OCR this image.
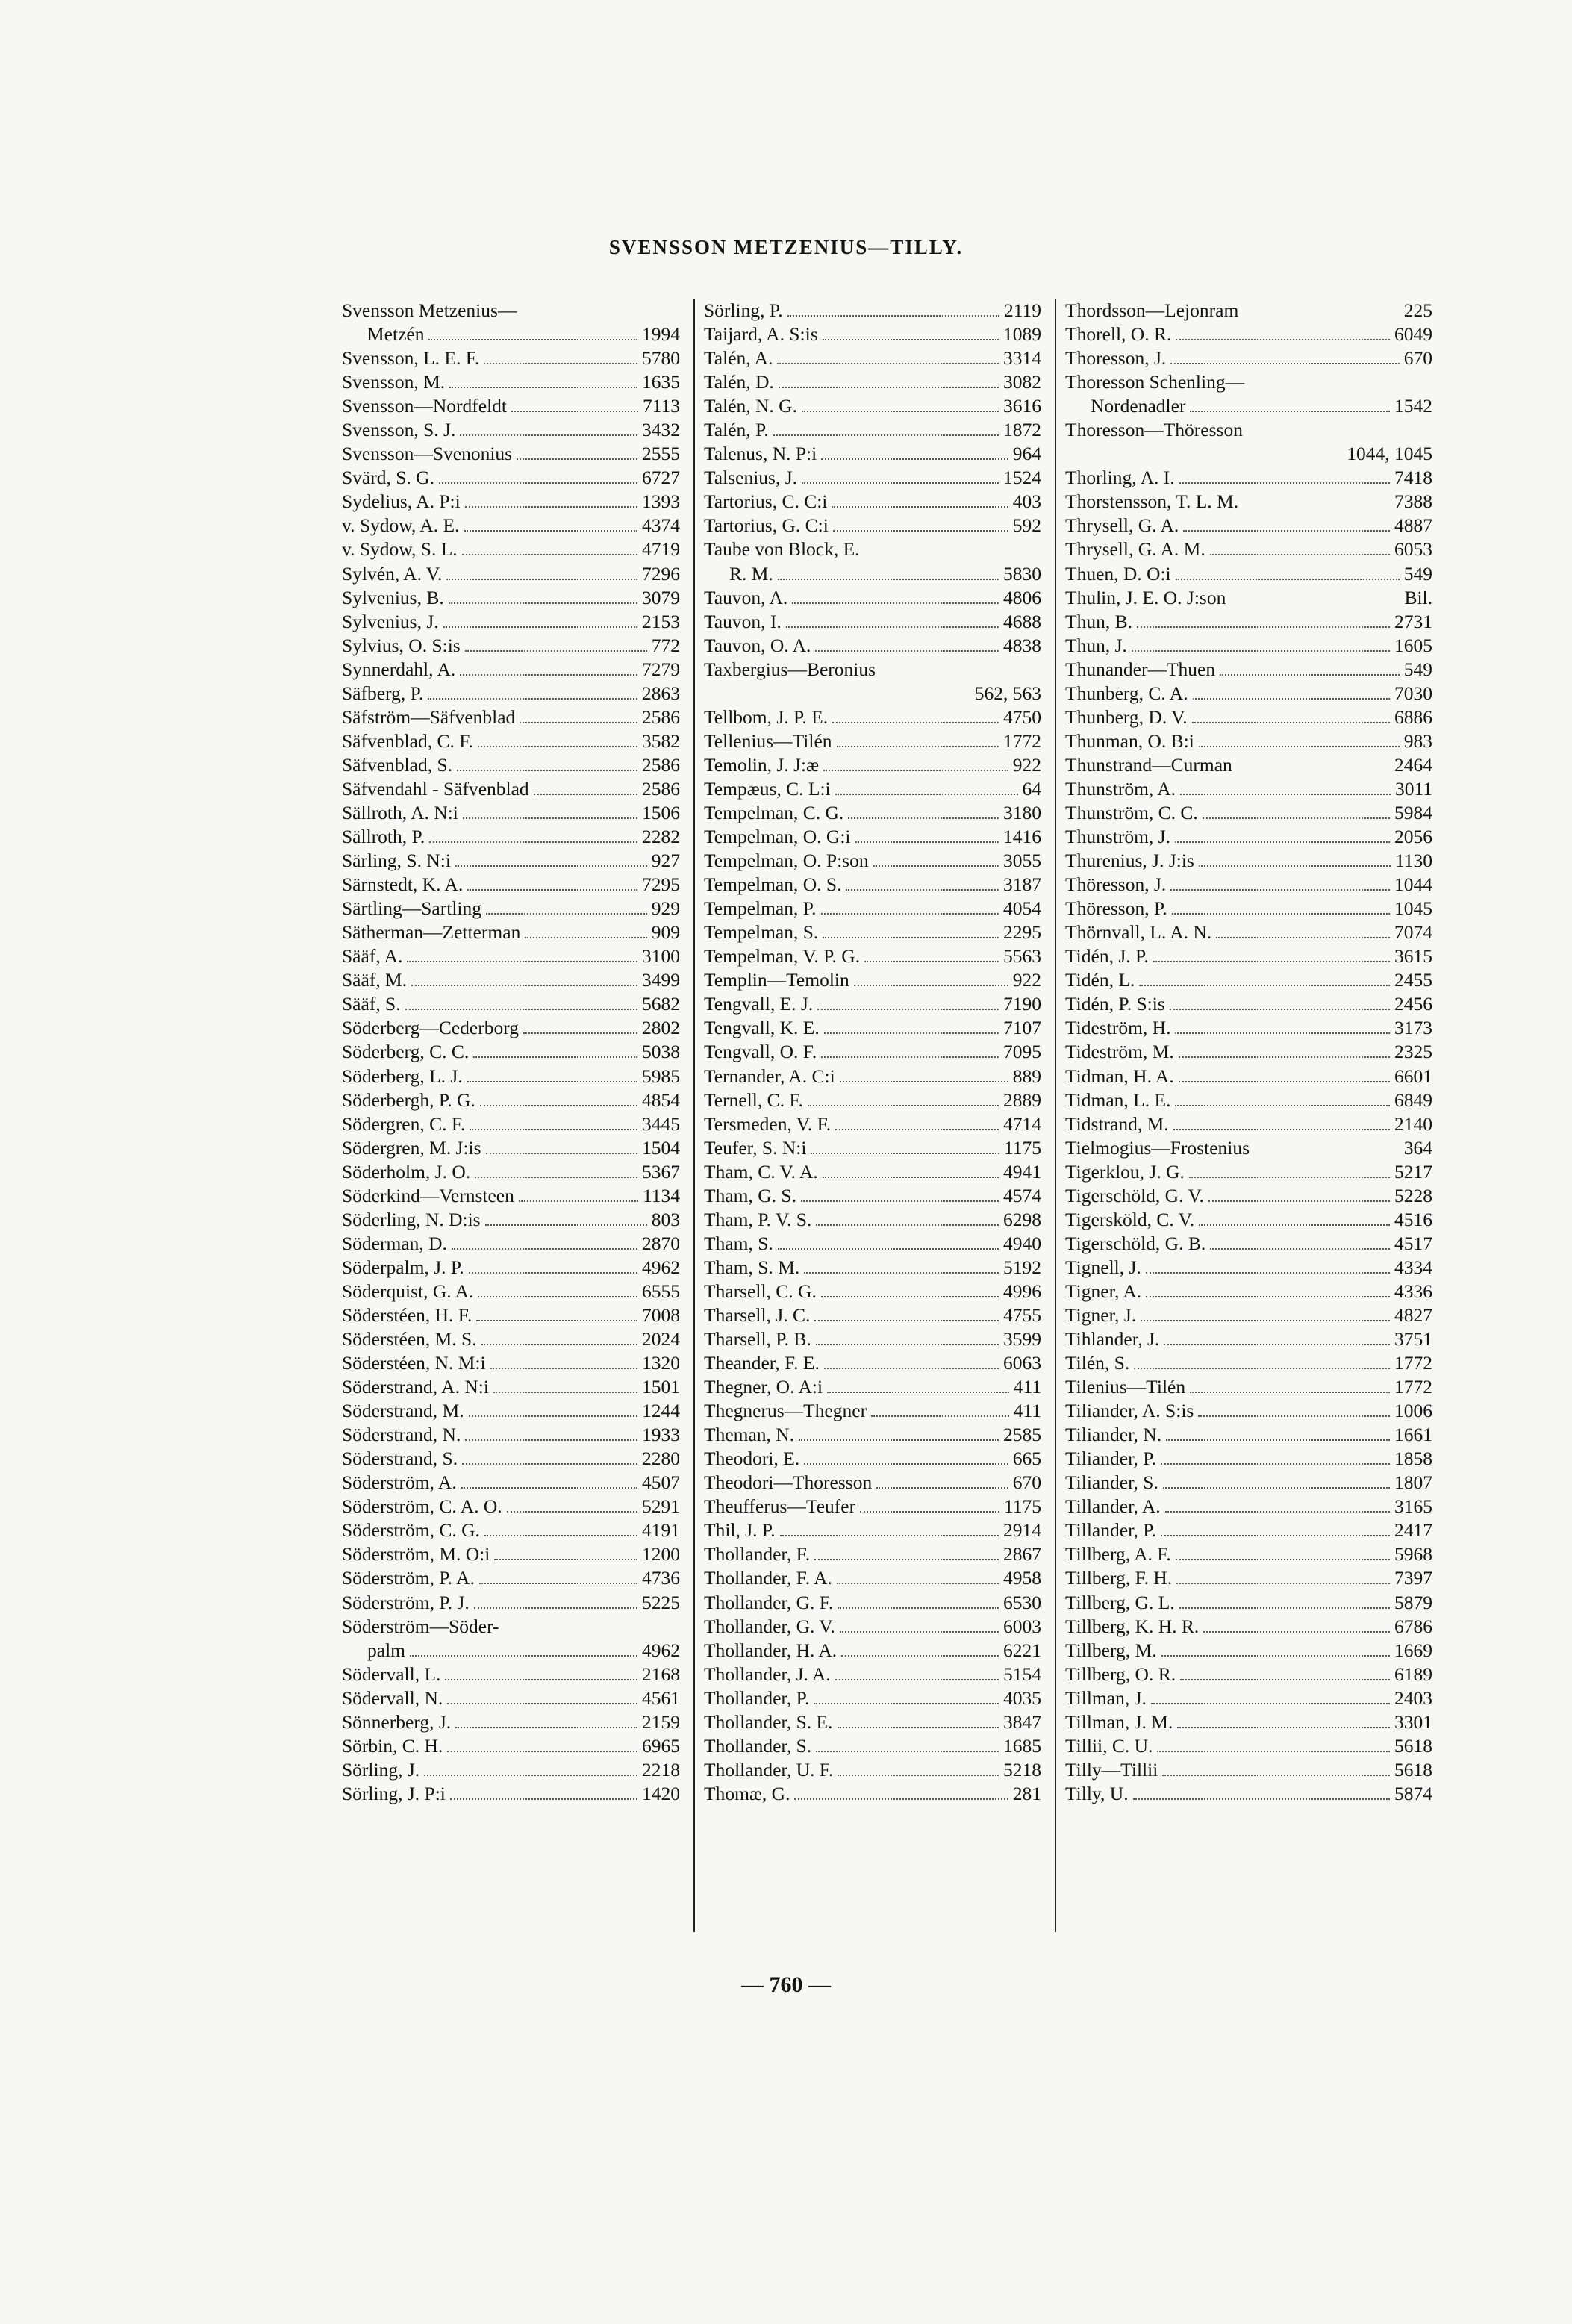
SVENSSON METZENIUS—TILLY.
Svensson Metzenius—
Metzén	1994
Svensson, L. E. F.	5780
Svensson, M.	1635
Svensson—Nordfeldt	7113
Svensson, S. J.	3432
Svensson—Svenonius	2555
Svärd, S. G.	6727
Sydelius, A. P:i	1393
v. Sydow, A. E.	4374
v. Sydow, S. L.	4719
Sylvén, A. V.	7296
Sylvenius, B.	3079
Sylvenius, J.	2153
Sylvius, O. S:is	772
Synnerdahl, A.	7279
Säfberg, P.	2863
Säfström—Säfvenblad	2586
Säfvenblad, C. F.	3582
Säfvenblad, S.	2586
Säfvendahl - Säfvenblad	2586
Sällroth, A. N:i	1506
Sällroth, P.	2282
Särling, S. N:i	927
Särnstedt, K. A.	7295
Särtling—Sartling	929
Sätherman—Zetterman	909
Sääf, A.	3100
Sääf, M.	3499
Sääf, S.	5682
Söderberg—Cederborg	2802
Söderberg, C. C.	5038
Söderberg, L. J.	5985
Söderbergh, P. G.	4854
Södergren, C. F.	3445
Södergren, M. J:is	1504
Söderholm, J. O.	5367
Söderkind—Vernsteen	1134
Söderling, N. D:is	803
Söderman, D.	2870
Söderpalm, J. P.	4962
Söderquist, G. A.	6555
Söderstéen, H. F.	7008
Söderstéen, M. S.	2024
Söderstéen, N. M:i	1320
Söderstrand, A. N:i	1501
Söderstrand, M.	1244
Söderstrand, N.	1933
Söderstrand, S.	2280
Söderström, A.	4507
Söderström, C. A. O.	5291
Söderström, C. G.	4191
Söderström, M. O:i	1200
Söderström, P. A.	4736
Söderström, P. J.	5225
Söderström—Söder-
palm	4962
Södervall, L.	2168
Södervall, N.	4561
Sönnerberg, J.	2159
Sörbin, C. H.	6965
Sörling, J.	2218
Sörling, J. P:i	1420
Sörling, P.	2119
Taijard, A. S:is	1089
Talén, A.	3314
Talén, D.	3082
Talén, N. G.	3616
Talén, P.	1872
Talenus, N. P:i	964
Talsenius, J.	1524
Tartorius, C. C:i	403
Tartorius, G. C:i	592
Taube von Block, E.
R. M.	5830
Tauvon, A.	4806
Tauvon, I.	4688
Tauvon, O. A.	4838
Taxbergius—Beronius
562, 563
Tellbom, J. P. E.	4750
Tellenius—Tilén	1772
Temolin, J. J:æ	922
Tempæus, C. L:i	64
Tempelman, C. G.	3180
Tempelman, O. G:i	1416
Tempelman, O. P:son	3055
Tempelman, O. S.	3187
Tempelman, P.	4054
Tempelman, S.	2295
Tempelman, V. P. G.	5563
Templin—Temolin	922
Tengvall, E. J.	7190
Tengvall, K. E.	7107
Tengvall, O. F.	7095
Ternander, A. C:i	889
Ternell, C. F.	2889
Tersmeden, V. F.	4714
Teufer, S. N:i	1175
Tham, C. V. A.	4941
Tham, G. S.	4574
Tham, P. V. S.	6298
Tham, S.	4940
Tham, S. M.	5192
Tharsell, C. G.	4996
Tharsell, J. C.	4755
Tharsell, P. B.	3599
Theander, F. E.	6063
Thegner, O. A:i	411
Thegnerus—Thegner	411
Theman, N.	2585
Theodori, E.	665
Theodori—Thoresson	670
Theufferus—Teufer	1175
Thil, J. P.	2914
Thollander, F.	2867
Thollander, F. A.	4958
Thollander, G. F.	6530
Thollander, G. V.	6003
Thollander, H. A.	6221
Thollander, J. A.	5154
Thollander, P.	4035
Thollander, S. E.	3847
Thollander, S.	1685
Thollander, U. F.	5218
Thomæ, G.	281
Thordsson—Lejonram	225
Thorell, O. R.	6049
Thoresson, J.	670
Thoresson Schenling—
Nordenadler	1542
Thoresson—Thöresson
1044, 1045
Thorling, A. I.	7418
Thorstensson, T. L. M.	7388
Thrysell, G. A.	4887
Thrysell, G. A. M.	6053
Thuen, D. O:i	549
Thulin, J. E. O. J:son	Bil.
Thun, B.	2731
Thun, J.	1605
Thunander—Thuen	549
Thunberg, C. A.	7030
Thunberg, D. V.	6886
Thunman, O. B:i	983
Thunstrand—Curman	2464
Thunström, A.	3011
Thunström, C. C.	5984
Thunström, J.	2056
Thurenius, J. J:is	1130
Thöresson, J.	1044
Thöresson, P.	1045
Thörnvall, L. A. N.	7074
Tidén, J. P.	3615
Tidén, L.	2455
Tidén, P. S:is	2456
Tideström, H.	3173
Tideström, M.	2325
Tidman, H. A.	6601
Tidman, L. E.	6849
Tidstrand, M.	2140
Tielmogius—Frostenius	364
Tigerklou, J. G.	5217
Tigerschöld, G. V.	5228
Tigersköld, C. V.	4516
Tigerschöld, G. B.	4517
Tignell, J.	4334
Tigner, A.	4336
Tigner, J.	4827
Tihlander, J.	3751
Tilén, S.	1772
Tilenius—Tilén	1772
Tiliander, A. S:is	1006
Tiliander, N.	1661
Tiliander, P.	1858
Tiliander, S.	1807
Tillander, A.	3165
Tillander, P.	2417
Tillberg, A. F.	5968
Tillberg, F. H.	7397
Tillberg, G. L.	5879
Tillberg, K. H. R.	6786
Tillberg, M.	1669
Tillberg, O. R.	6189
Tillman, J.	2403
Tillman, J. M.	3301
Tillii, C. U.	5618
Tilly—Tillii	5618
Tilly, U.	5874
— 760 —
